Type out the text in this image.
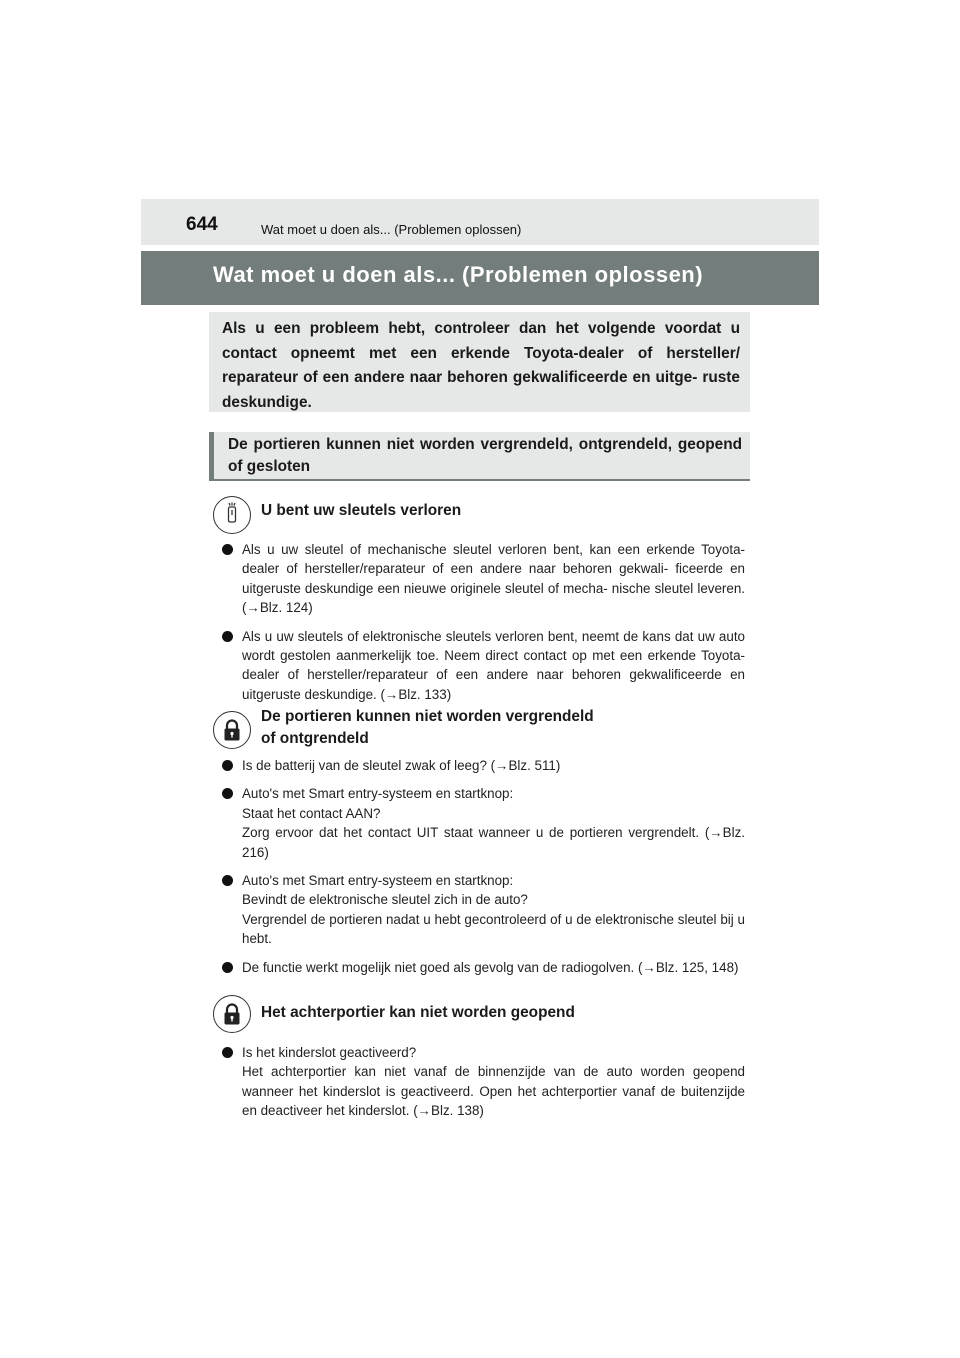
644	Wat moet u doen als... (Problemen oplossen)
Wat moet u doen als... (Problemen oplossen)

Als u een probleem hebt, controleer dan het volgende voordat u contact opneemt met een erkende Toyota-dealer of hersteller/ reparateur of een andere naar behoren gekwalificeerde en uitge- ruste deskundige.

De portieren kunnen niet worden vergrendeld, ontgrendeld, geopend of gesloten

U bent uw sleutels verloren
Als u uw sleutel of mechanische sleutel verloren bent, kan een erkende Toyota-dealer of hersteller/reparateur of een andere naar behoren gekwali- ficeerde en uitgeruste deskundige een nieuwe originele sleutel of mecha- nische sleutel leveren. (→Blz. 124)
Als u uw sleutels of elektronische sleutels verloren bent, neemt de kans dat uw auto wordt gestolen aanmerkelijk toe. Neem direct contact op met een erkende Toyota-dealer of hersteller/reparateur of een andere naar behoren gekwalificeerde en uitgeruste deskundige. (→Blz. 133)
De portieren kunnen niet worden vergrendeld
of ontgrendeld
Is de batterij van de sleutel zwak of leeg? (→Blz. 511)
Auto's met Smart entry-systeem en startknop:
Staat het contact AAN?
Zorg ervoor dat het contact UIT staat wanneer u de portieren vergrendelt. (→Blz. 216)
Auto's met Smart entry-systeem en startknop:
Bevindt de elektronische sleutel zich in de auto?
Vergrendel de portieren nadat u hebt gecontroleerd of u de elektronische sleutel bij u hebt.
De functie werkt mogelijk niet goed als gevolg van de radiogolven. (→Blz. 125, 148)
Het achterportier kan niet worden geopend
Is het kinderslot geactiveerd?
Het achterportier kan niet vanaf de binnenzijde van de auto worden geopend wanneer het kinderslot is geactiveerd. Open het achterportier vanaf de buitenzijde en deactiveer het kinderslot. (→Blz. 138)
